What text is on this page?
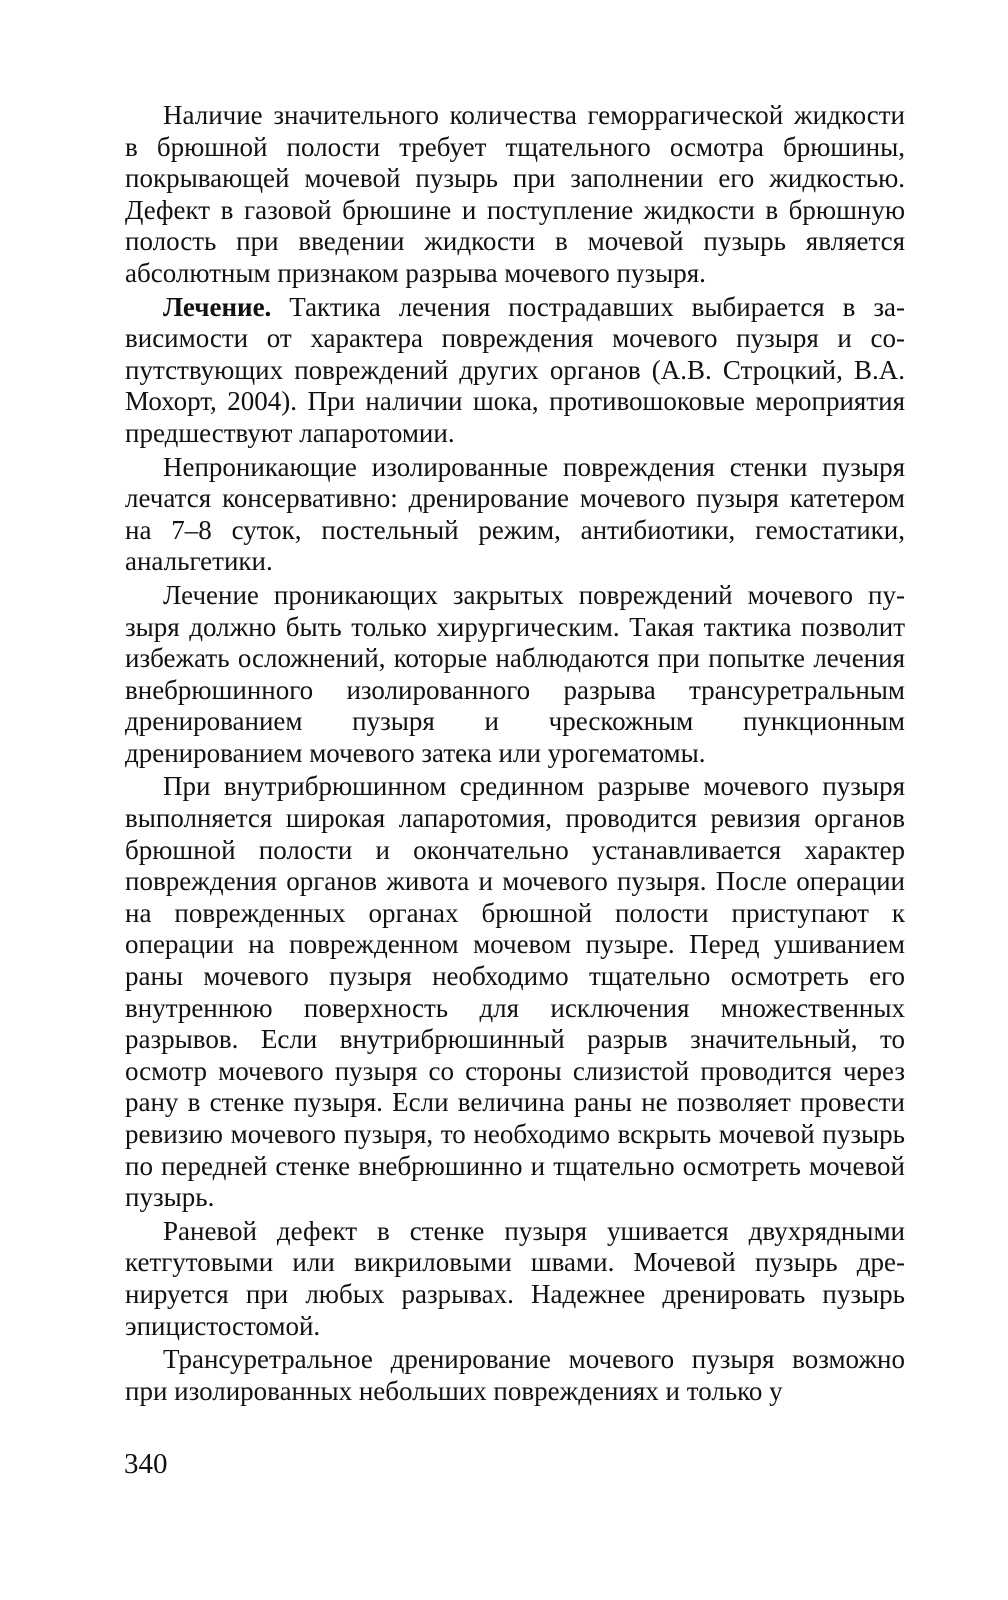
Наличие значительного количества геморрагической жидкости в брюшной полости требует тщательного осмотра брюшины, покрывающей мочевой пузырь при заполнении его жидкостью. Дефект в газовой брюшине и поступление жидкости в брюшную полость при введении жидкости в мочевой пузырь является абсолютным признаком разрыва мочевого пузыря.

Лечение. Тактика лечения пострадавших выбирается в зависимости от характера повреждения мочевого пузыря и сопутствующих повреждений других органов (А.В. Строцкий, В.А. Мохорт, 2004). При наличии шока, противошоковые мероприятия предшествуют лапаротомии.

Непроникающие изолированные повреждения стенки пузыря лечатся консервативно: дренирование мочевого пузыря катетером на 7–8 суток, постельный режим, антибиотики, гемостатики, анальгетики.

Лечение проникающих закрытых повреждений мочевого пузыря должно быть только хирургическим. Такая тактика позволит избежать осложнений, которые наблюдаются при попытке лечения внебрюшинного изолированного разрыва трансуретральным дренированием пузыря и чрескожным пункционным дренированием мочевого затека или урогематомы.

При внутрибрюшинном срединном разрыве мочевого пузыря выполняется широкая лапаротомия, проводится ревизия органов брюшной полости и окончательно устанавливается характер повреждения органов живота и мочевого пузыря. После операции на поврежденных органах брюшной полости приступают к операции на поврежденном мочевом пузыре. Перед ушиванием раны мочевого пузыря необходимо тщательно осмотреть его внутреннюю поверхность для исключения множественных разрывов. Если внутрибрюшинный разрыв значительный, то осмотр мочевого пузыря со стороны слизистой проводится через рану в стенке пузыря. Если величина раны не позволяет провести ревизию мочевого пузыря, то необходимо вскрыть мочевой пузырь по передней стенке внебрюшинно и тщательно осмотреть мочевой пузырь.

Раневой дефект в стенке пузыря ушивается двухрядными кетгутовыми или викриловыми швами. Мочевой пузырь дренируется при любых разрывах. Надежнее дренировать пузырь эпицистостомой.

Трансуретральное дренирование мочевого пузыря возможно при изолированных небольших повреждениях и только у

340
